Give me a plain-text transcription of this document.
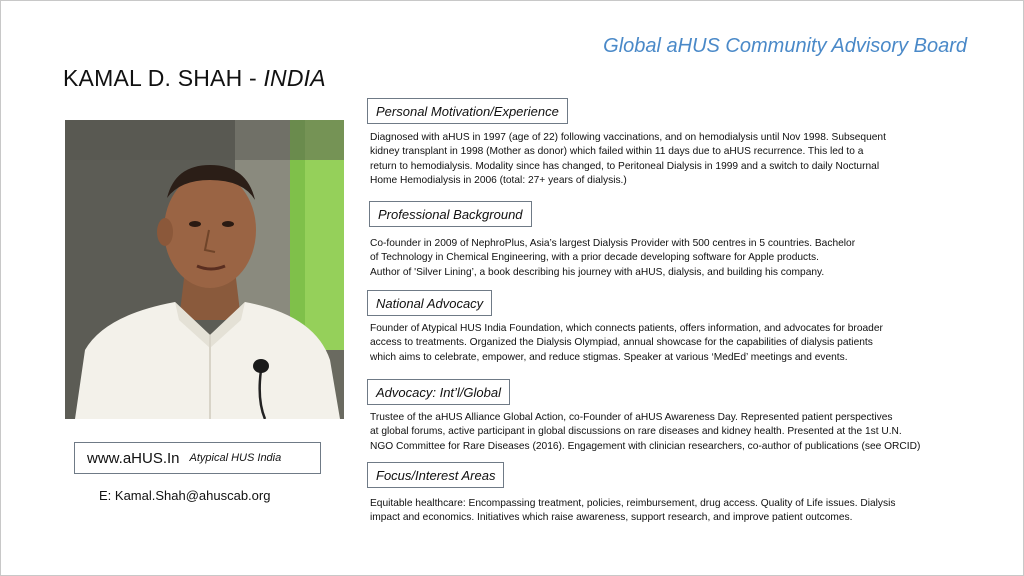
Global aHUS Community Advisory Board
KAMAL D. SHAH - INDIA
www.aHUS.In Atypical HUS India
E: Kamal.Shah@ahuscab.org
Personal Motivation/Experience
Diagnosed with aHUS in 1997 (age of 22) following vaccinations, and on hemodialysis until Nov 1998. Subsequent
kidney transplant in 1998 (Mother as donor) which failed within 11 days due to aHUS recurrence. This led to a
return to hemodialysis. Modality since has changed, to Peritoneal Dialysis in 1999 and a switch to daily Nocturnal
Home Hemodialysis in 2006 (total: 27+ years of dialysis.)
Professional Background
Co-founder in 2009 of NephroPlus, Asia’s largest Dialysis Provider with 500 centres in 5 countries. Bachelor
of Technology in Chemical Engineering, with a prior decade developing software for Apple products.
Author of 'Silver Lining’, a book describing his journey with aHUS, dialysis, and building his company.
National Advocacy
Founder of Atypical HUS India Foundation, which connects patients, offers information, and advocates for broader
access to treatments. Organized the Dialysis Olympiad, annual showcase for the capabilities of dialysis patients
which aims to celebrate, empower, and reduce stigmas. Speaker at various ‘MedEd’ meetings and events.
Advocacy: Int’l/Global
Trustee of the aHUS Alliance Global Action, co-Founder of aHUS Awareness Day. Represented patient perspectives
at global forums, active participant in global discussions on rare diseases and kidney health. Presented at the 1st U.N.
NGO Committee for Rare Diseases (2016). Engagement with clinician researchers, co-author of publications (see ORCID)
Focus/Interest Areas
Equitable healthcare: Encompassing treatment, policies, reimbursement, drug access. Quality of Life issues. Dialysis
impact and economics. Initiatives which raise awareness, support research, and improve patient outcomes.
